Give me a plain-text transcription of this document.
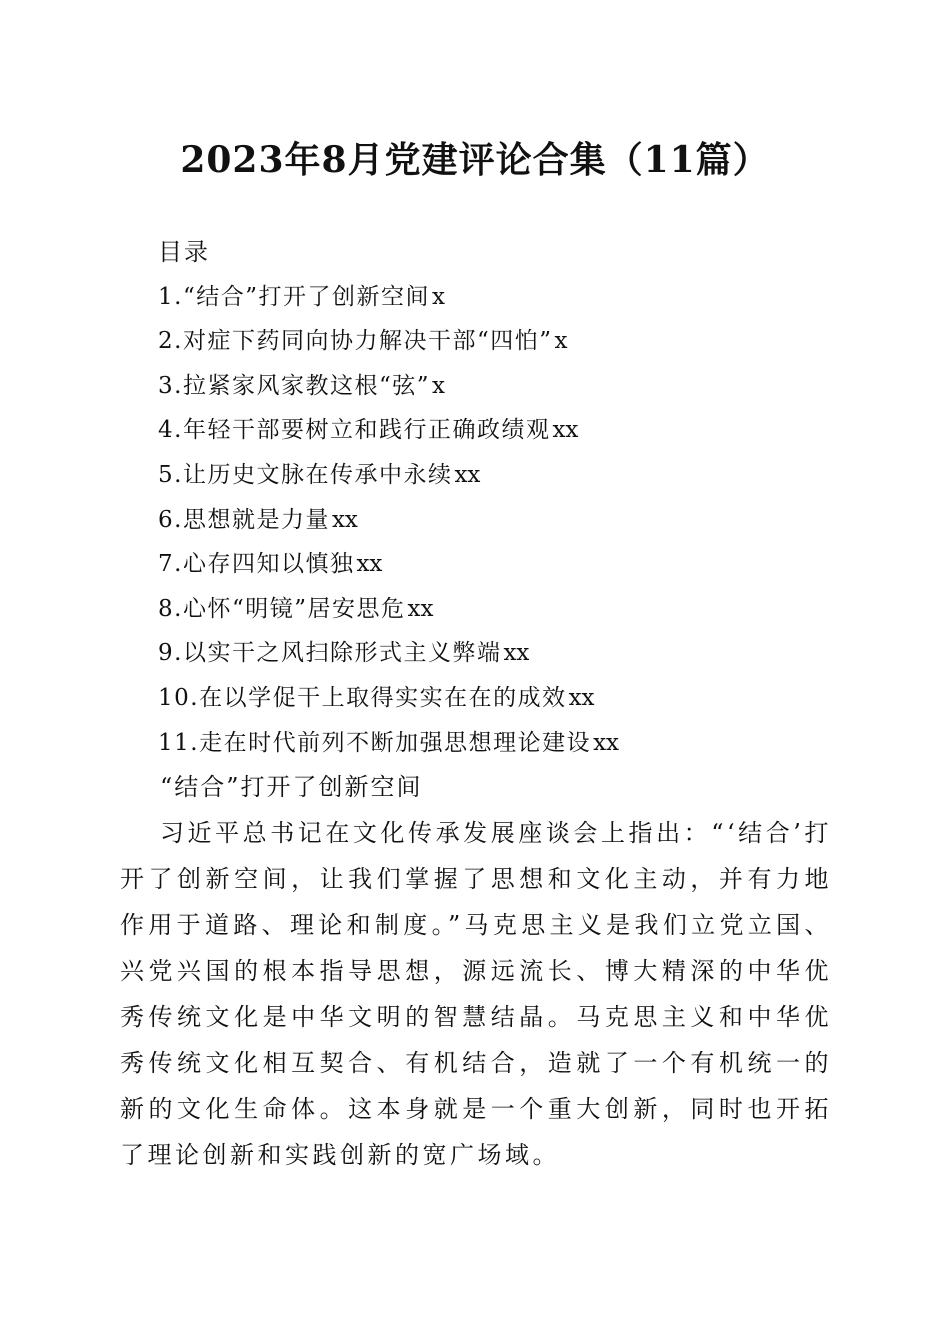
2023年8月党建评论合集（11篇）
目录
1.“结合”打开了创新空间x
2.对症下药同向协力解决干部“四怕”x
3.拉紧家风家教这根“弦”x
4.年轻干部要树立和践行正确政绩观xx
5.让历史文脉在传承中永续xx
6.思想就是力量xx
7.心存四知以慎独xx
8.心怀“明镜”居安思危xx
9.以实干之风扫除形式主义弊端xx
10.在以学促干上取得实实在在的成效xx
11.走在时代前列不断加强思想理论建设xx
“结合”打开了创新空间

习近平总书记在文化传承发展座谈会上指出：“‘结合’打开了创新空间，让我们掌握了思想和文化主动，并有力地作用于道路、理论和制度。”马克思主义是我们立党立国、兴党兴国的根本指导思想，源远流长、博大精深的中华优秀传统文化是中华文明的智慧结晶。马克思主义和中华优秀传统文化相互契合、有机结合，造就了一个有机统一的新的文化生命体。这本身就是一个重大创新，同时也开拓了理论创新和实践创新的宽广场域。
